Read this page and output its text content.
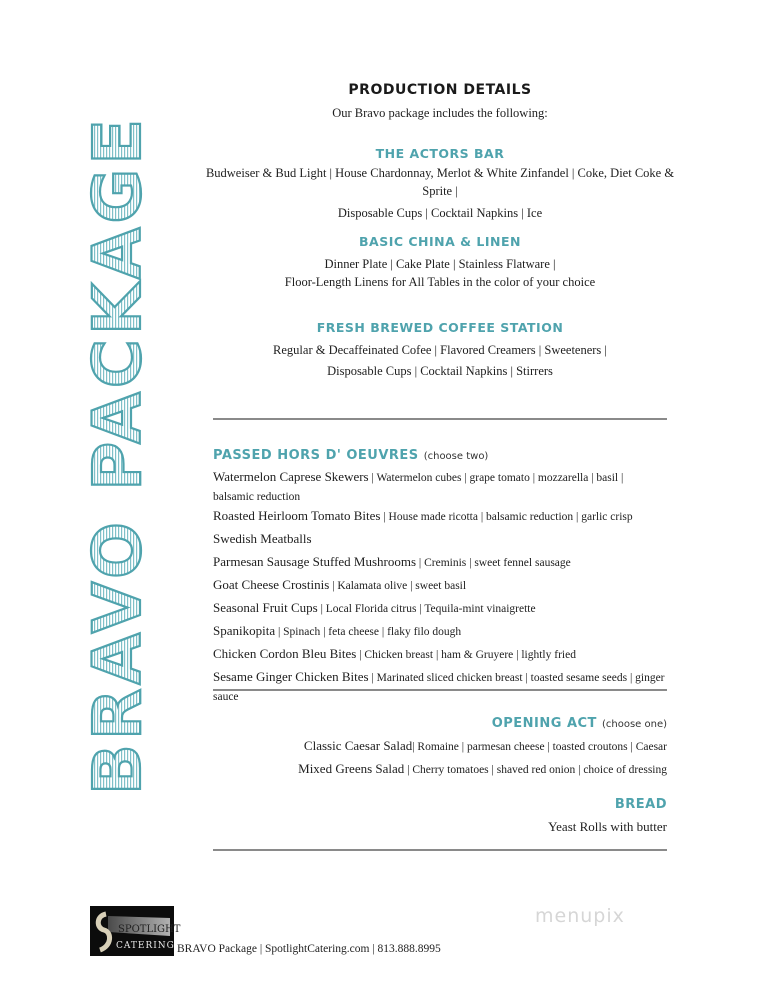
BRAVO PACKAGE
PRODUCTION DETAILS
Our Bravo package includes the following:
THE ACTORS BAR
Budweiser & Bud Light | House Chardonnay, Merlot & White Zinfandel | Coke, Diet Coke & Sprite |
Disposable Cups | Cocktail Napkins | Ice
BASIC CHINA & LINEN
Dinner Plate | Cake Plate | Stainless Flatware |
Floor-Length Linens for All Tables in the color of your choice
FRESH BREWED COFFEE STATION
Regular & Decaffeinated Cofee | Flavored Creamers | Sweeteners |
Disposable Cups | Cocktail Napkins | Stirrers
PASSED HORS D' OEUVRES (choose two)
Watermelon Caprese Skewers | Watermelon cubes | grape tomato | mozzarella | basil | balsamic reduction
Roasted Heirloom Tomato Bites | House made ricotta | balsamic reduction | garlic crisp
Swedish Meatballs
Parmesan Sausage Stuffed Mushrooms | Creminis | sweet fennel sausage
Goat Cheese Crostinis | Kalamata olive | sweet basil
Seasonal Fruit Cups | Local Florida citrus | Tequila-mint vinaigrette
Spanikopita | Spinach | feta cheese | flaky filo dough
Chicken Cordon Bleu Bites | Chicken breast | ham & Gruyere | lightly fried
Sesame Ginger Chicken Bites | Marinated sliced chicken breast | toasted sesame seeds | ginger sauce
OPENING ACT (choose one)
Classic Caesar Salad| Romaine | parmesan cheese | toasted croutons | Caesar
Mixed Greens Salad | Cherry tomatoes | shaved red onion | choice of dressing
BREAD
Yeast Rolls with butter
menupix
SPOTLIGHT
CATERING BRAVO Package | SpotlightCatering.com | 813.888.8995
